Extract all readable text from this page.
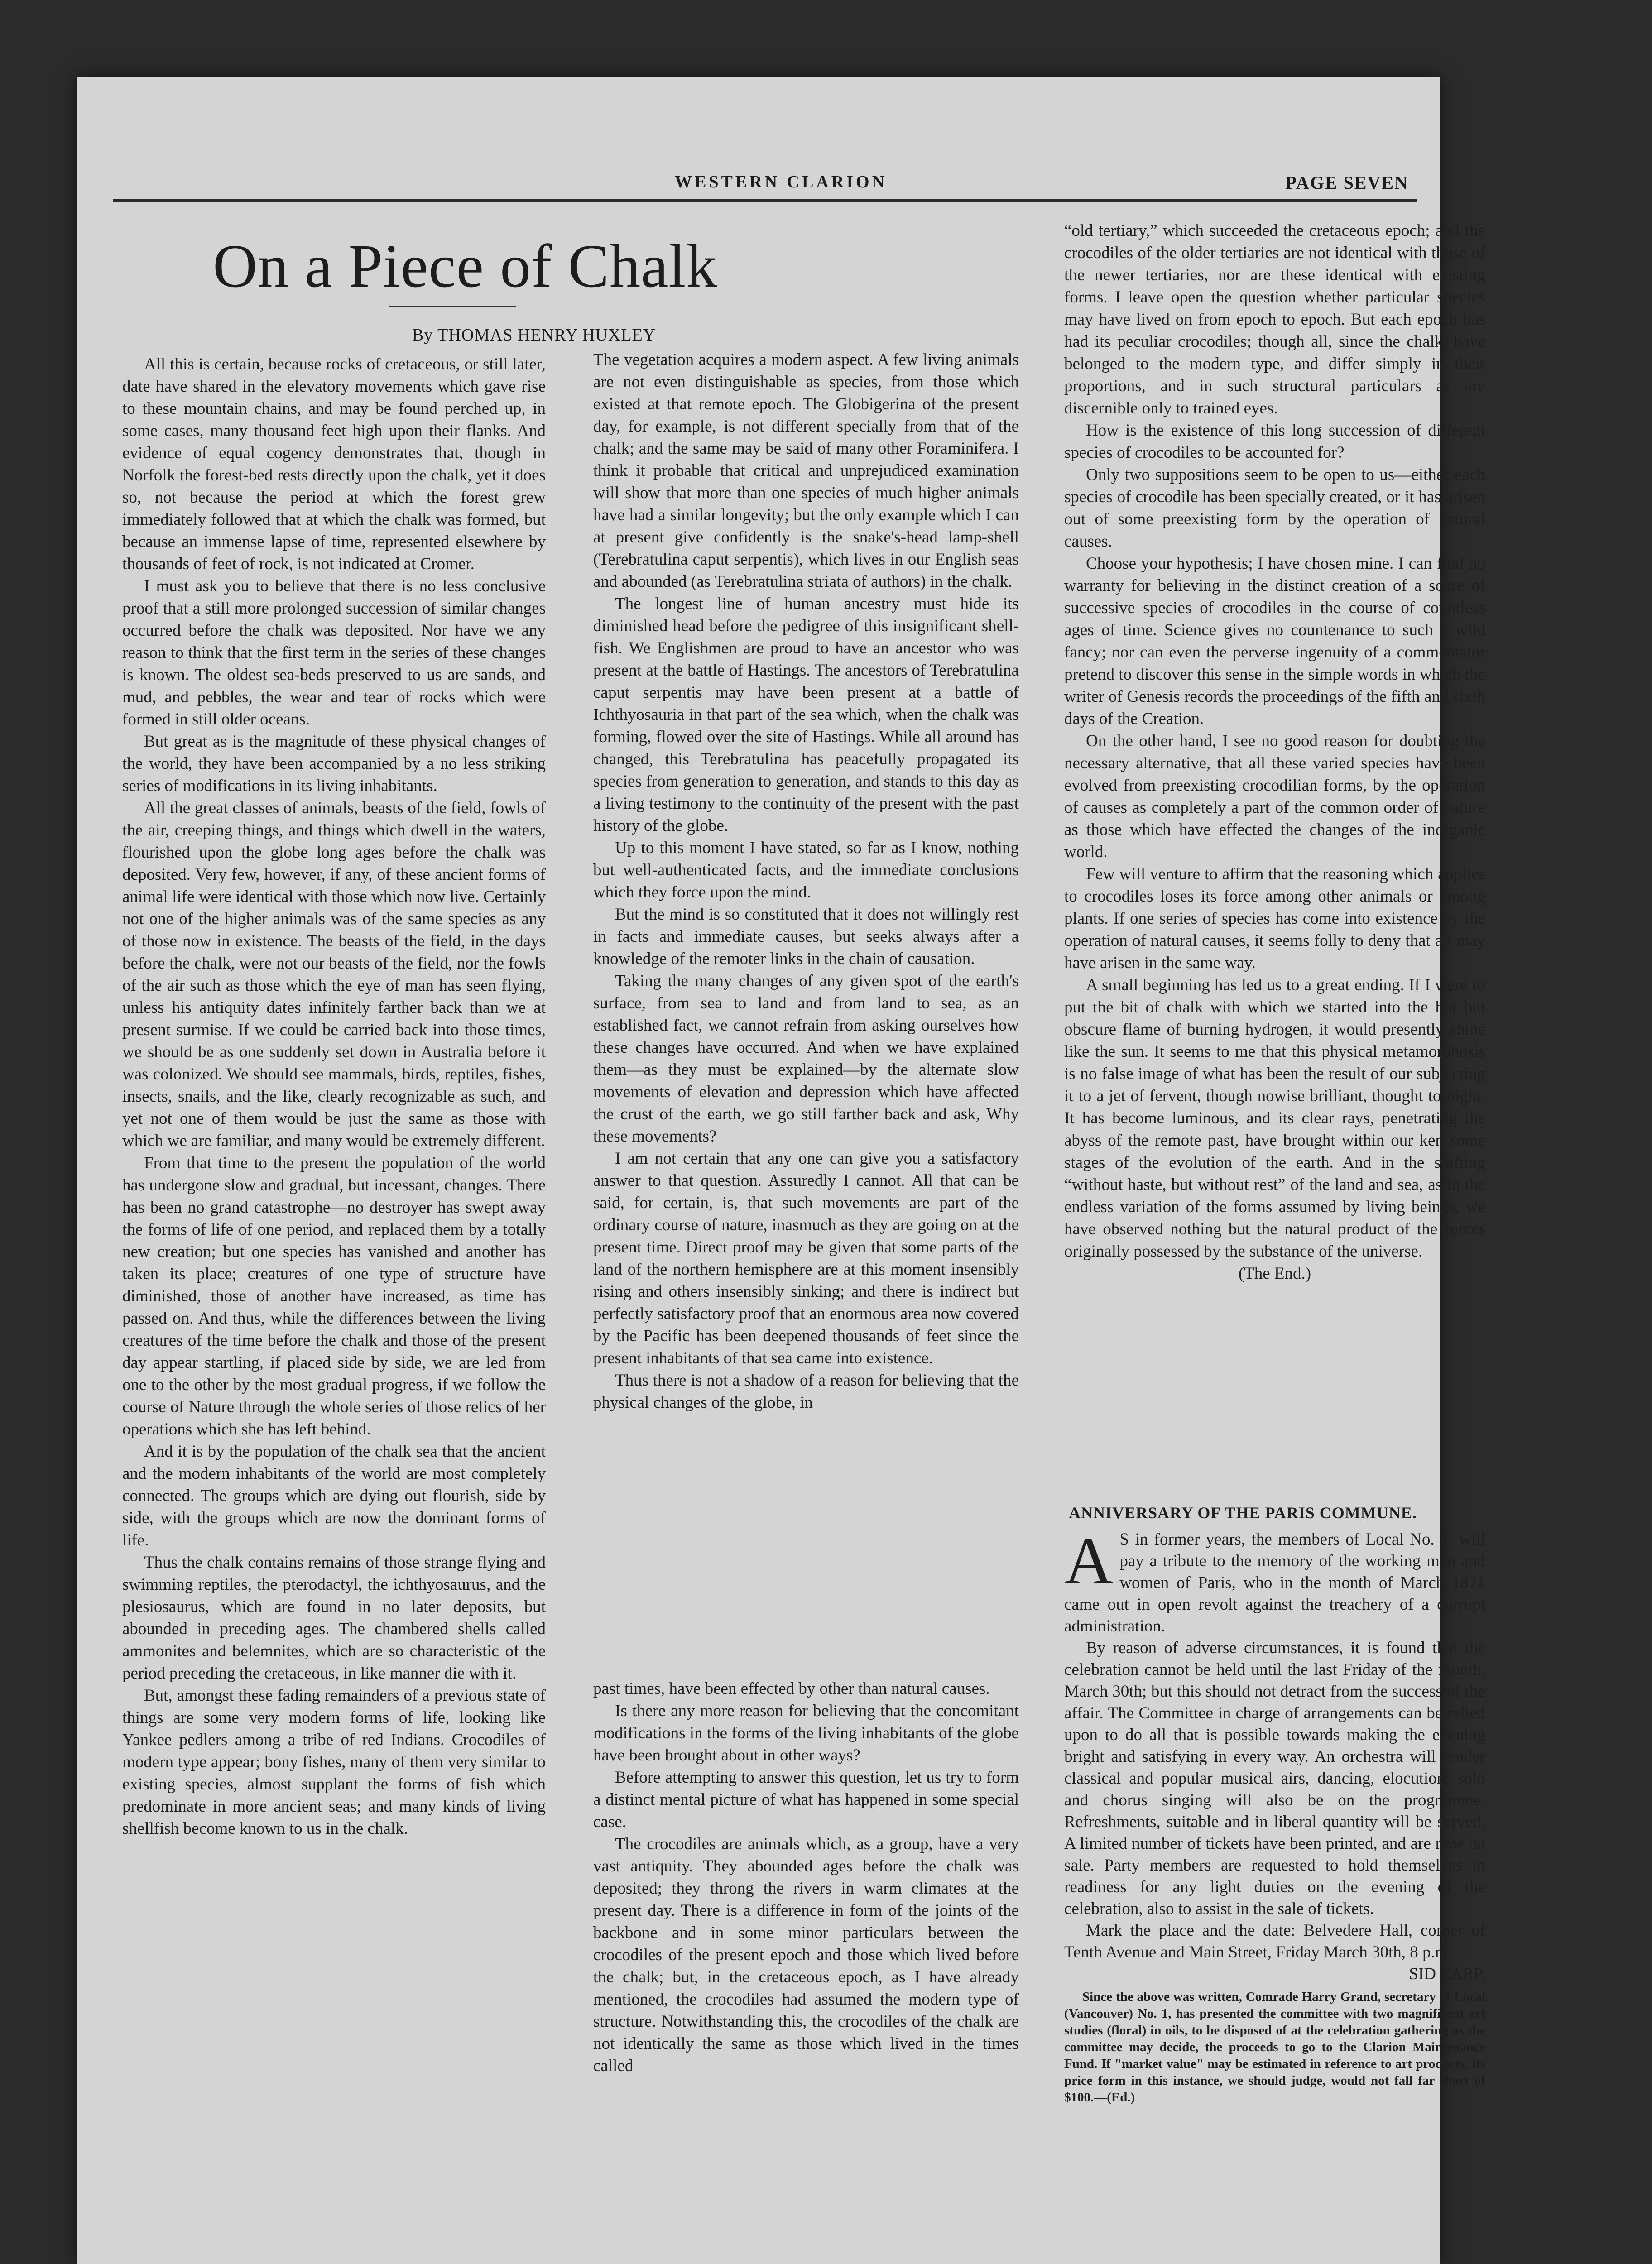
WESTERN CLARION	PAGE SEVEN
On a Piece of Chalk
By THOMAS HENRY HUXLEY

All this is certain, because rocks of cretaceous, or still later, date have shared in the elevatory movements which gave rise to these mountain chains, and may be found perched up, in some cases, many thousand feet high upon their flanks. And evidence of equal cogency demonstrates that, though in Norfolk the forest-bed rests directly upon the chalk, yet it does so, not because the period at which the forest grew immediately followed that at which the chalk was formed, but because an immense lapse of time, represented elsewhere by thousands of feet of rock, is not indicated at Cromer.

I must ask you to believe that there is no less conclusive proof that a still more prolonged succession of similar changes occurred before the chalk was deposited. Nor have we any reason to think that the first term in the series of these changes is known. The oldest sea-beds preserved to us are sands, and mud, and pebbles, the wear and tear of rocks which were formed in still older oceans.

But great as is the magnitude of these physical changes of the world, they have been accompanied by a no less striking series of modifications in its living inhabitants.

All the great classes of animals, beasts of the field, fowls of the air, creeping things, and things which dwell in the waters, flourished upon the globe long ages before the chalk was deposited. Very few, however, if any, of these ancient forms of animal life were identical with those which now live. Certainly not one of the higher animals was of the same species as any of those now in existence. The beasts of the field, in the days before the chalk, were not our beasts of the field, nor the fowls of the air such as those which the eye of man has seen flying, unless his antiquity dates infinitely farther back than we at present surmise. If we could be carried back into those times, we should be as one suddenly set down in Australia before it was colonized. We should see mammals, birds, reptiles, fishes, insects, snails, and the like, clearly recognizable as such, and yet not one of them would be just the same as those with which we are familiar, and many would be extremely different.

From that time to the present the population of the world has undergone slow and gradual, but incessant, changes. There has been no grand catastrophe—no destroyer has swept away the forms of life of one period, and replaced them by a totally new creation; but one species has vanished and another has taken its place; creatures of one type of structure have diminished, those of another have increased, as time has passed on. And thus, while the differences between the living creatures of the time before the chalk and those of the present day appear startling, if placed side by side, we are led from one to the other by the most gradual progress, if we follow the course of Nature through the whole series of those relics of her operations which she has left behind.

And it is by the population of the chalk sea that the ancient and the modern inhabitants of the world are most completely connected. The groups which are dying out flourish, side by side, with the groups which are now the dominant forms of life.

Thus the chalk contains remains of those strange flying and swimming reptiles, the pterodactyl, the ichthyosaurus, and the plesiosaurus, which are found in no later deposits, but abounded in preceding ages. The chambered shells called ammonites and belemnites, which are so characteristic of the period preceding the cretaceous, in like manner die with it.

But, amongst these fading remainders of a previous state of things are some very modern forms of life, looking like Yankee pedlers among a tribe of red Indians. Crocodiles of modern type appear; bony fishes, many of them very similar to existing species, almost supplant the forms of fish which predominate in more ancient seas; and many kinds of living shellfish become known to us in the chalk.

The vegetation acquires a modern aspect. A few living animals are not even distinguishable as species, from those which existed at that remote epoch. The Globigerina of the present day, for example, is not different specially from that of the chalk; and the same may be said of many other Foraminifera. I think it probable that critical and unprejudiced examination will show that more than one species of much higher animals have had a similar longevity; but the only example which I can at present give confidently is the snake's-head lamp-shell (Terebratulina caput serpentis), which lives in our English seas and abounded (as Terebratulina striata of authors) in the chalk.

The longest line of human ancestry must hide its diminished head before the pedigree of this insignificant shell-fish. We Englishmen are proud to have an ancestor who was present at the battle of Hastings. The ancestors of Terebratulina caput serpentis may have been present at a battle of Ichthyosauria in that part of the sea which, when the chalk was forming, flowed over the site of Hastings. While all around has changed, this Terebratulina has peacefully propagated its species from generation to generation, and stands to this day as a living testimony to the continuity of the present with the past history of the globe.

Up to this moment I have stated, so far as I know, nothing but well-authenticated facts, and the immediate conclusions which they force upon the mind.

But the mind is so constituted that it does not willingly rest in facts and immediate causes, but seeks always after a knowledge of the remoter links in the chain of causation.

Taking the many changes of any given spot of the earth's surface, from sea to land and from land to sea, as an established fact, we cannot refrain from asking ourselves how these changes have occurred. And when we have explained them—as they must be explained—by the alternate slow movements of elevation and depression which have affected the crust of the earth, we go still farther back and ask, Why these movements?

I am not certain that any one can give you a satisfactory answer to that question. Assuredly I cannot. All that can be said, for certain, is, that such movements are part of the ordinary course of nature, inasmuch as they are going on at the present time. Direct proof may be given that some parts of the land of the northern hemisphere are at this moment insensibly rising and others insensibly sinking; and there is indirect but perfectly satisfactory proof that an enormous area now covered by the Pacific has been deepened thousands of feet since the present inhabitants of that sea came into existence.

Thus there is not a shadow of a reason for believing that the physical changes of the globe, in

past times, have been effected by other than natural causes.

Is there any more reason for believing that the concomitant modifications in the forms of the living inhabitants of the globe have been brought about in other ways?

Before attempting to answer this question, let us try to form a distinct mental picture of what has happened in some special case.

The crocodiles are animals which, as a group, have a very vast antiquity. They abounded ages before the chalk was deposited; they throng the rivers in warm climates at the present day. There is a difference in form of the joints of the backbone and in some minor particulars between the crocodiles of the present epoch and those which lived before the chalk; but, in the cretaceous epoch, as I have already mentioned, the crocodiles had assumed the modern type of structure. Notwithstanding this, the crocodiles of the chalk are not identically the same as those which lived in the times called

“old tertiary,” which succeeded the cretaceous epoch; and the crocodiles of the older tertiaries are not identical with those of the newer tertiaries, nor are these identical with existing forms. I leave open the question whether particular species may have lived on from epoch to epoch. But each epoch has had its peculiar crocodiles; though all, since the chalk, have belonged to the modern type, and differ simply in their proportions, and in such structural particulars as are discernible only to trained eyes.

How is the existence of this long succession of different species of crocodiles to be accounted for?

Only two suppositions seem to be open to us—either each species of crocodile has been specially created, or it has arisen out of some preexisting form by the operation of natural causes.

Choose your hypothesis; I have chosen mine. I can find no warranty for believing in the distinct creation of a score of successive species of crocodiles in the course of countless ages of time. Science gives no countenance to such a wild fancy; nor can even the perverse ingenuity of a commentator pretend to discover this sense in the simple words in which the writer of Genesis records the proceedings of the fifth and sixth days of the Creation.

On the other hand, I see no good reason for doubting the necessary alternative, that all these varied species have been evolved from preexisting crocodilian forms, by the operation of causes as completely a part of the common order of nature as those which have effected the changes of the inorganic world.

Few will venture to affirm that the reasoning which applies to crocodiles loses its force among other animals or among plants. If one series of species has come into existence by the operation of natural causes, it seems folly to deny that all may have arisen in the same way.

A small beginning has led us to a great ending. If I were to put the bit of chalk with which we started into the hot but obscure flame of burning hydrogen, it would presently shine like the sun. It seems to me that this physical metamorphosis is no false image of what has been the result of our subjecting it to a jet of fervent, though nowise brilliant, thought to-night. It has become luminous, and its clear rays, penetrating the abyss of the remote past, have brought within our ken some stages of the evolution of the earth. And in the shifting “without haste, but without rest” of the land and sea, as in the endless variation of the forms assumed by living beings, we have observed nothing but the natural product of the forces originally possessed by the substance of the universe.

(The End.)

ANNIVERSARY OF THE PARIS COMMUNE.

A S in former years, the members of Local No. 1, will pay a tribute to the memory of the working men and women of Paris, who in the month of March 1871 came out in open revolt against the treachery of a corrupt administration.

By reason of adverse circumstances, it is found that the celebration cannot be held until the last Friday of the month, March 30th; but this should not detract from the success of the affair. The Committee in charge of arrangements can be relied upon to do all that is possible towards making the evening bright and satisfying in every way. An orchestra will render classical and popular musical airs, dancing, elocution, solo and chorus singing will also be on the programme. Refreshments, suitable and in liberal quantity will be served. A limited number of tickets have been printed, and are now on sale. Party members are requested to hold themselves in readiness for any light duties on the evening of the celebration, also to assist in the sale of tickets.

Mark the place and the date: Belvedere Hall, corner of Tenth Avenue and Main Street, Friday March 30th, 8 p.m.

SID EARP.

Since the above was written, Comrade Harry Grand, secretary of Local (Vancouver) No. 1, has presented the committee with two magnificent art studies (floral) in oils, to be disposed of at the celebration gathering as the committee may decide, the proceeds to go to the Clarion Maintenance Fund. If "market value" may be estimated in reference to art products, its price form in this instance, we should judge, would not fall far short of $100.—(Ed.)
